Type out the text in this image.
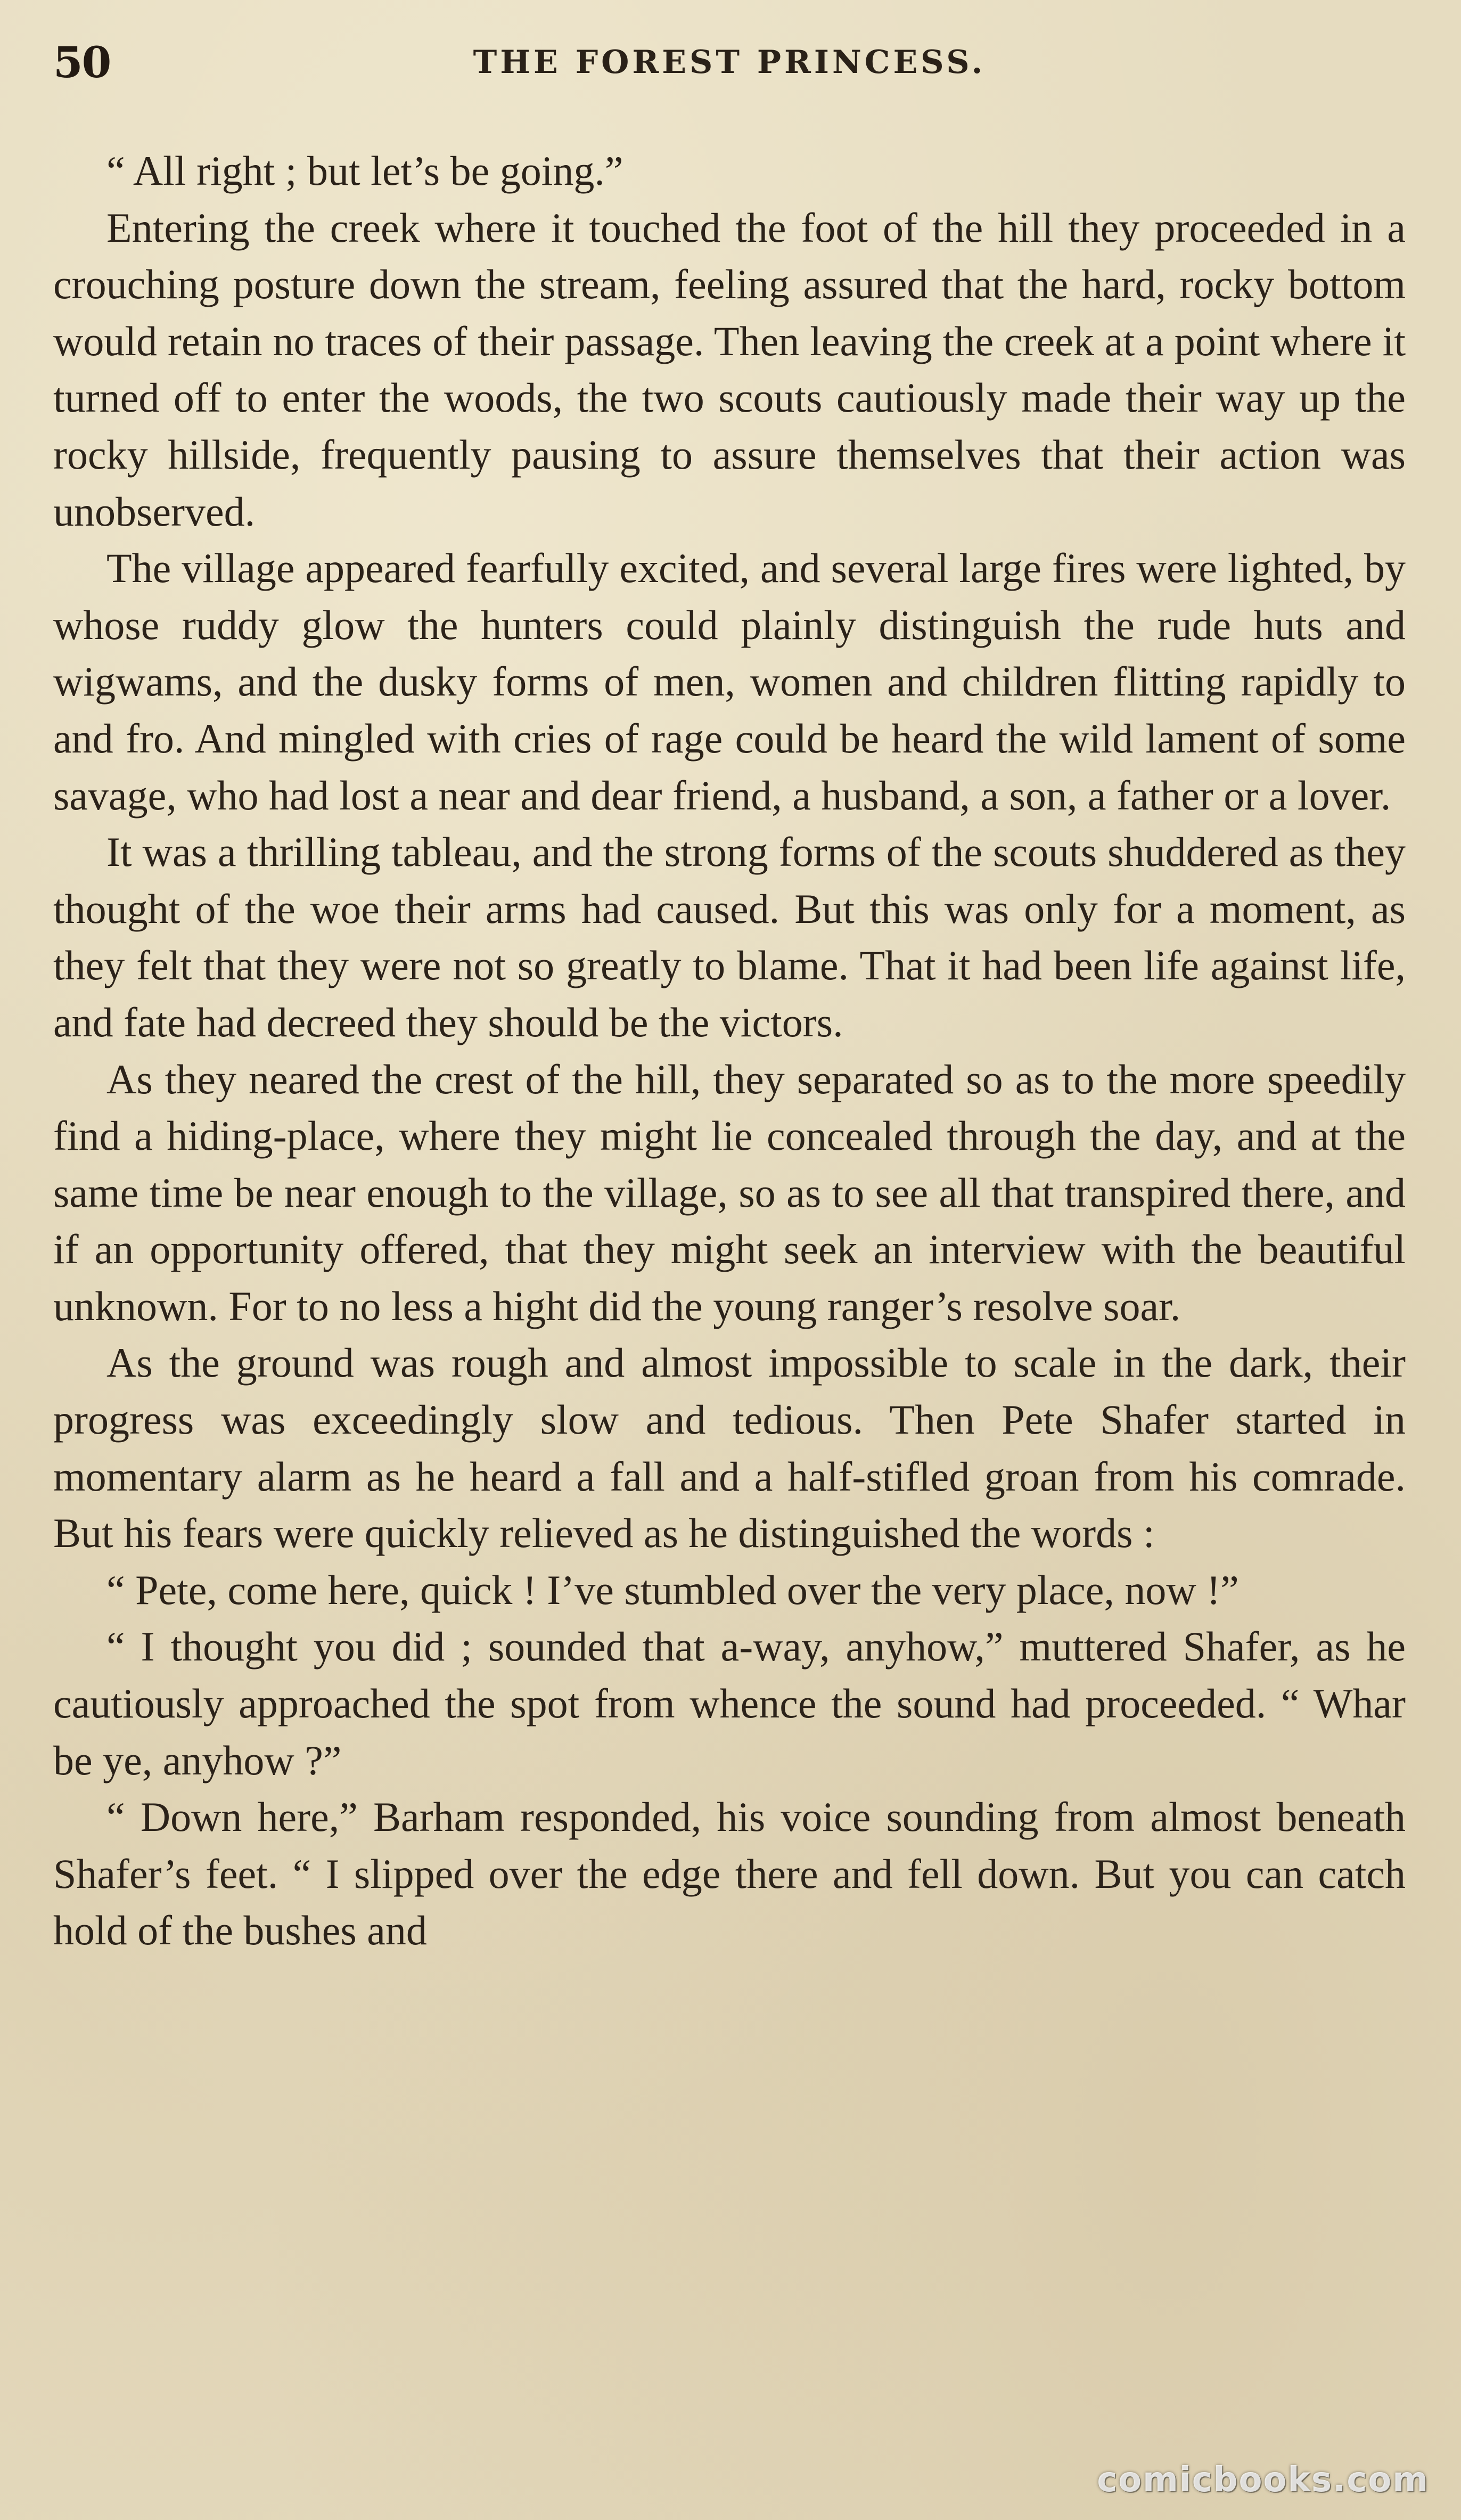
50	THE FOREST PRINCESS.

“ All right ; but let’s be going.”

Entering the creek where it touched the foot of the hill they proceeded in a crouching posture down the stream, feeling assured that the hard, rocky bottom would retain no traces of their passage. Then leaving the creek at a point where it turned off to enter the woods, the two scouts cautiously made their way up the rocky hillside, frequently pausing to assure themselves that their action was unobserved.

The village appeared fearfully excited, and several large fires were lighted, by whose ruddy glow the hunters could plainly distinguish the rude huts and wigwams, and the dusky forms of men, women and children flitting rapidly to and fro. And mingled with cries of rage could be heard the wild lament of some savage, who had lost a near and dear friend, a husband, a son, a father or a lover.

It was a thrilling tableau, and the strong forms of the scouts shuddered as they thought of the woe their arms had caused. But this was only for a moment, as they felt that they were not so greatly to blame. That it had been life against life, and fate had decreed they should be the victors.

As they neared the crest of the hill, they separated so as to the more speedily find a hiding-place, where they might lie concealed through the day, and at the same time be near enough to the village, so as to see all that transpired there, and if an opportunity offered, that they might seek an interview with the beautiful unknown. For to no less a hight did the young ranger’s resolve soar.

As the ground was rough and almost impossible to scale in the dark, their progress was exceedingly slow and tedious. Then Pete Shafer started in momentary alarm as he heard a fall and a half-stifled groan from his comrade. But his fears were quickly relieved as he distinguished the words :

“ Pete, come here, quick ! I’ve stumbled over the very place, now !”

“ I thought you did ; sounded that a-way, anyhow,” muttered Shafer, as he cautiously approached the spot from whence the sound had proceeded. “ Whar be ye, anyhow ?”

“ Down here,” Barham responded, his voice sounding from almost beneath Shafer’s feet. “ I slipped over the edge there and fell down. But you can catch hold of the bushes and

comicbooks.com
